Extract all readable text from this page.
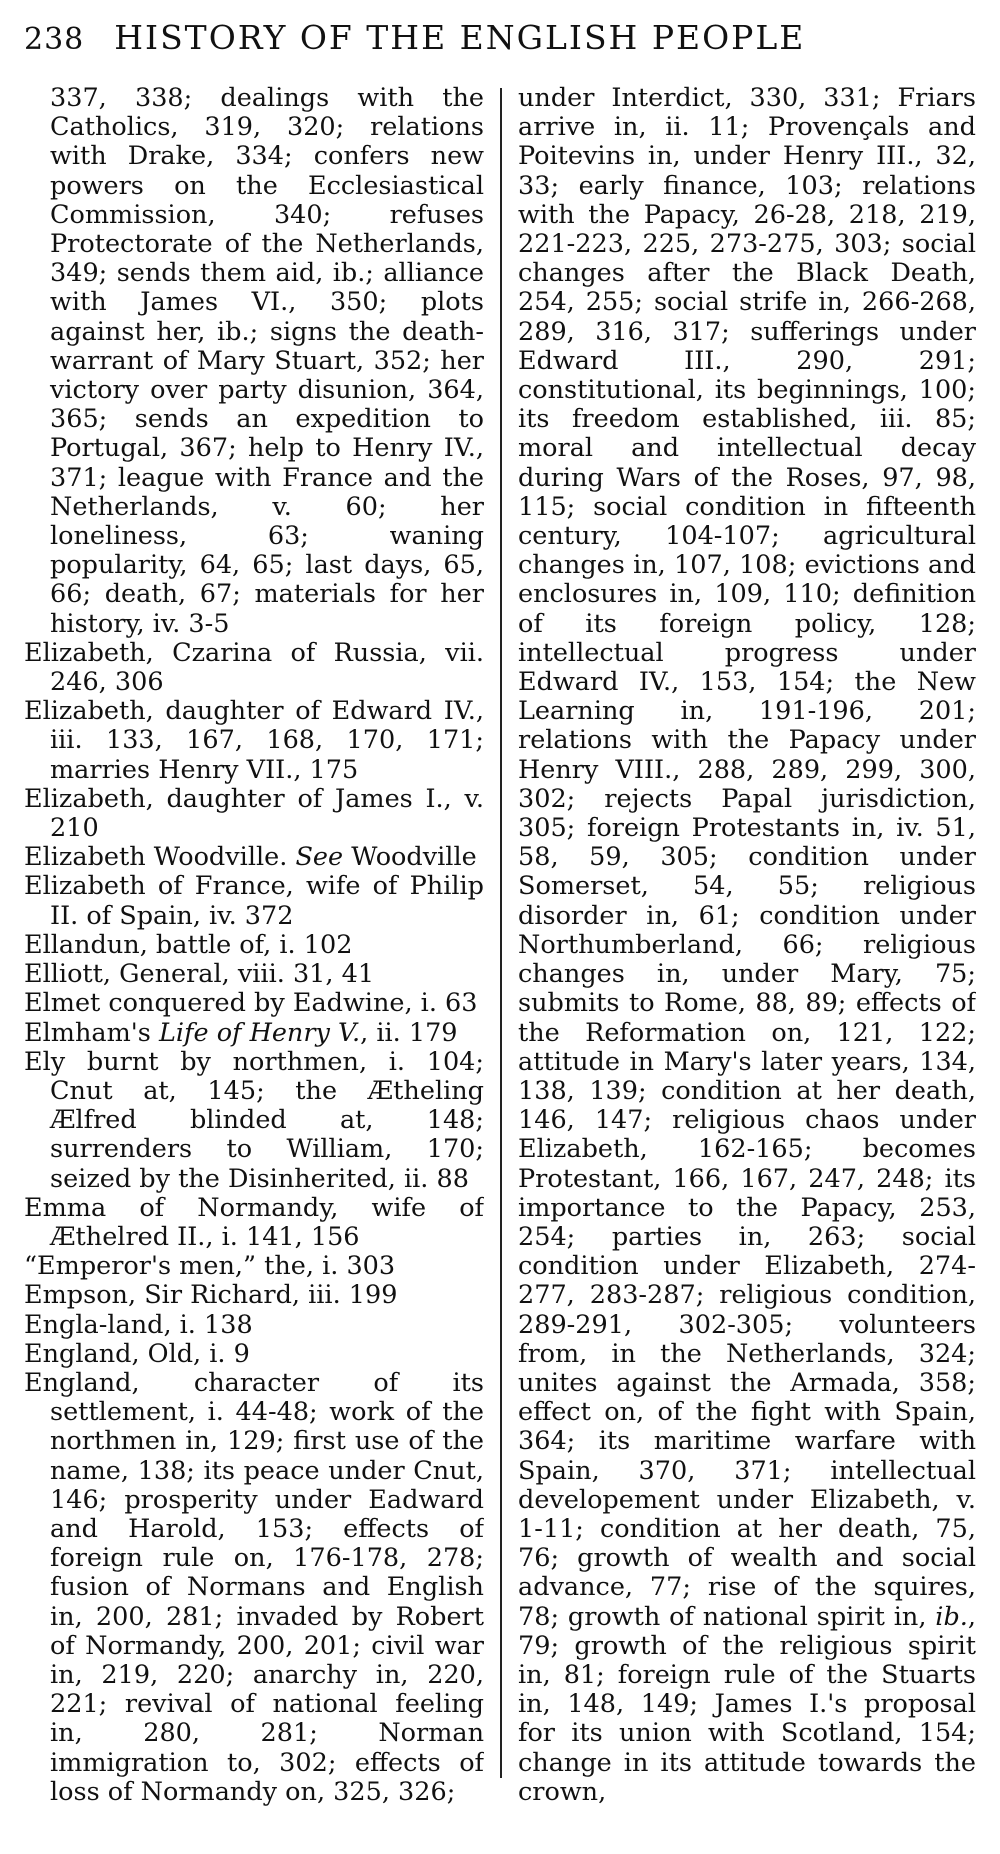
238 HISTORY OF THE ENGLISH PEOPLE

337, 338; dealings with the Catholics, 319, 320; relations with Drake, 334; confers new powers on the Ecclesiastical Commission, 340; refuses Protectorate of the Netherlands, 349; sends them aid, ib.; alliance with James VI., 350; plots against her, ib.; signs the death-warrant of Mary Stuart, 352; her victory over party disunion, 364, 365; sends an expedition to Portugal, 367; help to Henry IV., 371; league with France and the Netherlands, v. 60; her loneliness, 63; waning popularity, 64, 65; last days, 65, 66; death, 67; materials for her history, iv. 3-5

Elizabeth, Czarina of Russia, vii. 246, 306

Elizabeth, daughter of Edward IV., iii. 133, 167, 168, 170, 171; marries Henry VII., 175

Elizabeth, daughter of James I., v. 210

Elizabeth Woodville. See Woodville

Elizabeth of France, wife of Philip II. of Spain, iv. 372

Ellandun, battle of, i. 102

Elliott, General, viii. 31, 41

Elmet conquered by Eadwine, i. 63

Elmham's Life of Henry V., ii. 179

Ely burnt by northmen, i. 104; Cnut at, 145; the Ætheling Ælfred blinded at, 148; surrenders to William, 170; seized by the Disinherited, ii. 88

Emma of Normandy, wife of Æthelred II., i. 141, 156

“Emperor's men,” the, i. 303

Empson, Sir Richard, iii. 199

Engla-land, i. 138

England, Old, i. 9

England, character of its settlement, i. 44-48; work of the northmen in, 129; first use of the name, 138; its peace under Cnut, 146; prosperity under Eadward and Harold, 153; effects of foreign rule on, 176-178, 278; fusion of Normans and English in, 200, 281; invaded by Robert of Normandy, 200, 201; civil war in, 219, 220; anarchy in, 220, 221; revival of national feeling in, 280, 281; Norman immigration to, 302; effects of loss of Normandy on, 325, 326;

under Interdict, 330, 331; Friars arrive in, ii. 11; Provençals and Poitevins in, under Henry III., 32, 33; early finance, 103; relations with the Papacy, 26-28, 218, 219, 221-223, 225, 273-275, 303; social changes after the Black Death, 254, 255; social strife in, 266-268, 289, 316, 317; sufferings under Edward III., 290, 291; constitutional, its beginnings, 100; its freedom established, iii. 85; moral and intellectual decay during Wars of the Roses, 97, 98, 115; social condition in fifteenth century, 104-107; agricultural changes in, 107, 108; evictions and enclosures in, 109, 110; definition of its foreign policy, 128; intellectual progress under Edward IV., 153, 154; the New Learning in, 191-196, 201; relations with the Papacy under Henry VIII., 288, 289, 299, 300, 302; rejects Papal jurisdiction, 305; foreign Protestants in, iv. 51, 58, 59, 305; condition under Somerset, 54, 55; religious disorder in, 61; condition under Northumberland, 66; religious changes in, under Mary, 75; submits to Rome, 88, 89; effects of the Reformation on, 121, 122; attitude in Mary's later years, 134, 138, 139; condition at her death, 146, 147; religious chaos under Elizabeth, 162-165; becomes Protestant, 166, 167, 247, 248; its importance to the Papacy, 253, 254; parties in, 263; social condition under Elizabeth, 274-277, 283-287; religious condition, 289-291, 302-305; volunteers from, in the Netherlands, 324; unites against the Armada, 358; effect on, of the fight with Spain, 364; its maritime warfare with Spain, 370, 371; intellectual developement under Elizabeth, v. 1-11; condition at her death, 75, 76; growth of wealth and social advance, 77; rise of the squires, 78; growth of national spirit in, ib., 79; growth of the religious spirit in, 81; foreign rule of the Stuarts in, 148, 149; James I.'s proposal for its union with Scotland, 154; change in its attitude towards the crown,
